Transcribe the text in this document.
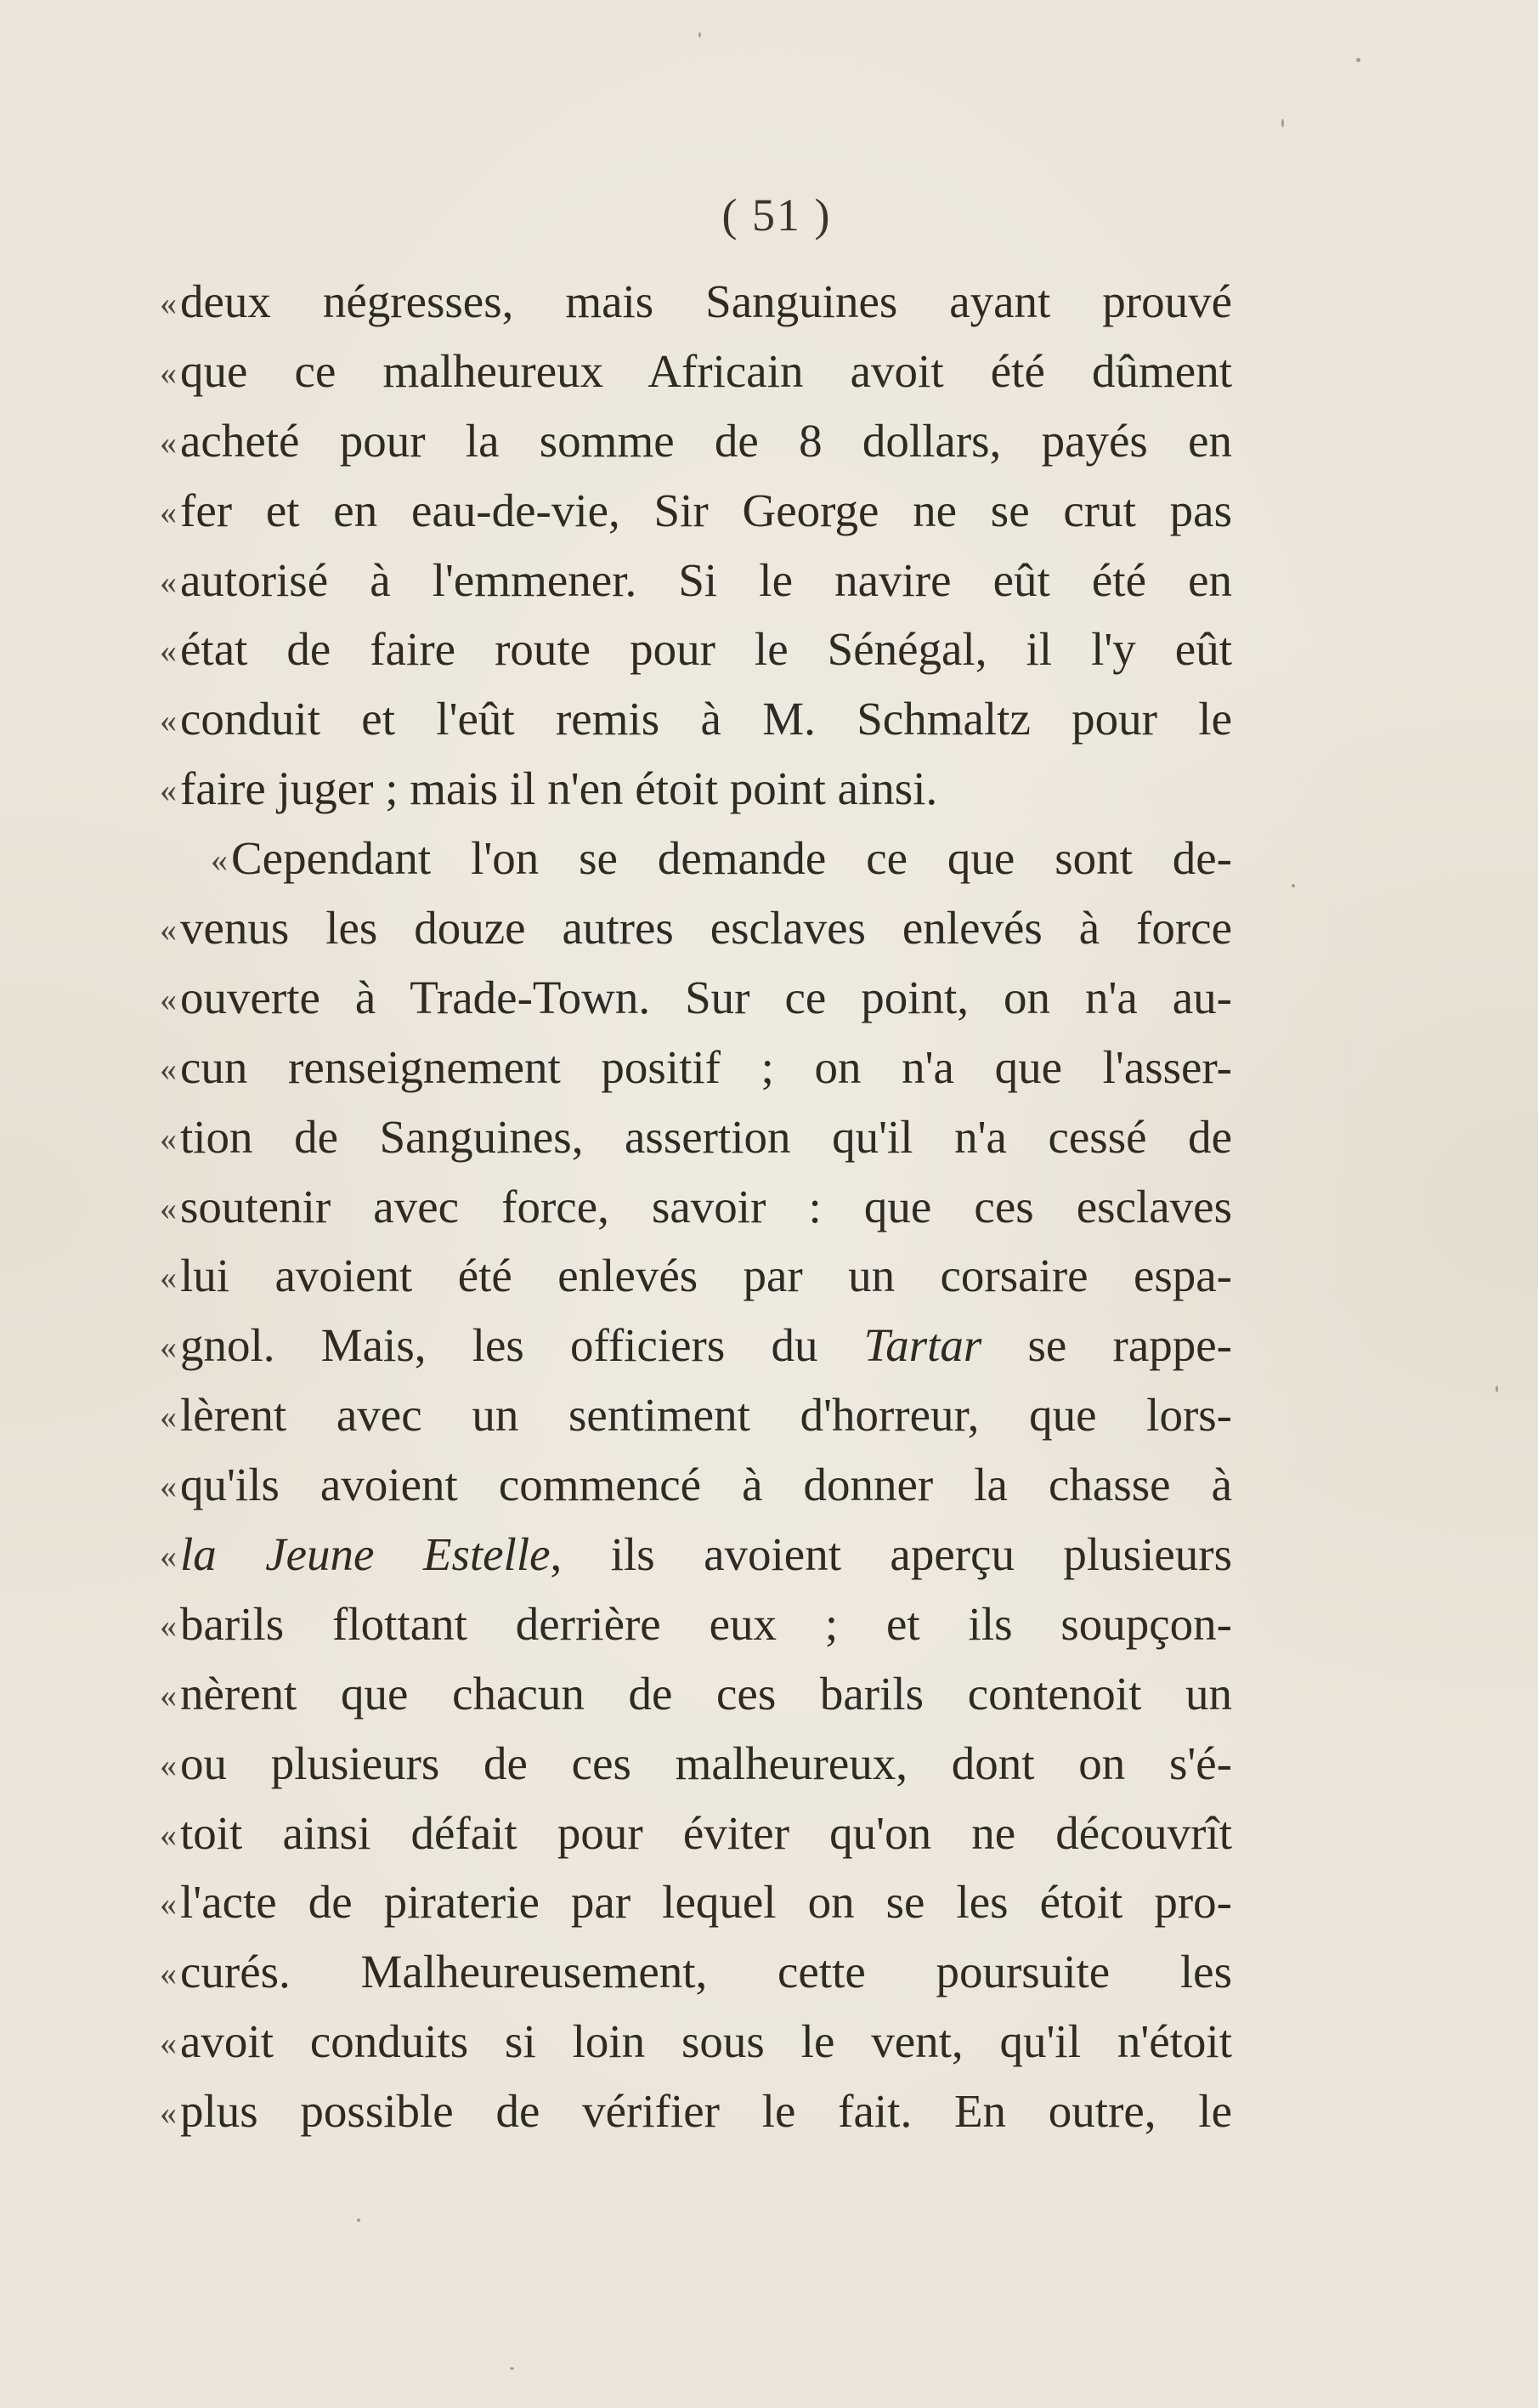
( 51 )
«deux négresses, mais Sanguines ayant prouvé
«que ce malheureux Africain avoit été dûment
«acheté pour la somme de 8 dollars, payés en
«fer et en eau-de-vie, Sir George ne se crut pas
«autorisé à l'emmener. Si le navire eût été en
«état de faire route pour le Sénégal, il l'y eût
«conduit et l'eût remis à M. Schmaltz pour le
«faire juger ; mais il n'en étoit point ainsi.
«Cependant l'on se demande ce que sont de-
«venus les douze autres esclaves enlevés à force
«ouverte à Trade-Town. Sur ce point, on n'a au-
«cun renseignement positif ; on n'a que l'asser-
«tion de Sanguines, assertion qu'il n'a cessé de
«soutenir avec force, savoir : que ces esclaves
«lui avoient été enlevés par un corsaire espa-
«gnol. Mais, les officiers du Tartar se rappe-
«lèrent avec un sentiment d'horreur, que lors-
«qu'ils avoient commencé à donner la chasse à
«la Jeune Estelle, ils avoient aperçu plusieurs
«barils flottant derrière eux ; et ils soupçon-
«nèrent que chacun de ces barils contenoit un
«ou plusieurs de ces malheureux, dont on s'é-
«toit ainsi défait pour éviter qu'on ne découvrît
«l'acte de piraterie par lequel on se les étoit pro-
«curés. Malheureusement, cette poursuite les
«avoit conduits si loin sous le vent, qu'il n'étoit
«plus possible de vérifier le fait. En outre, le
